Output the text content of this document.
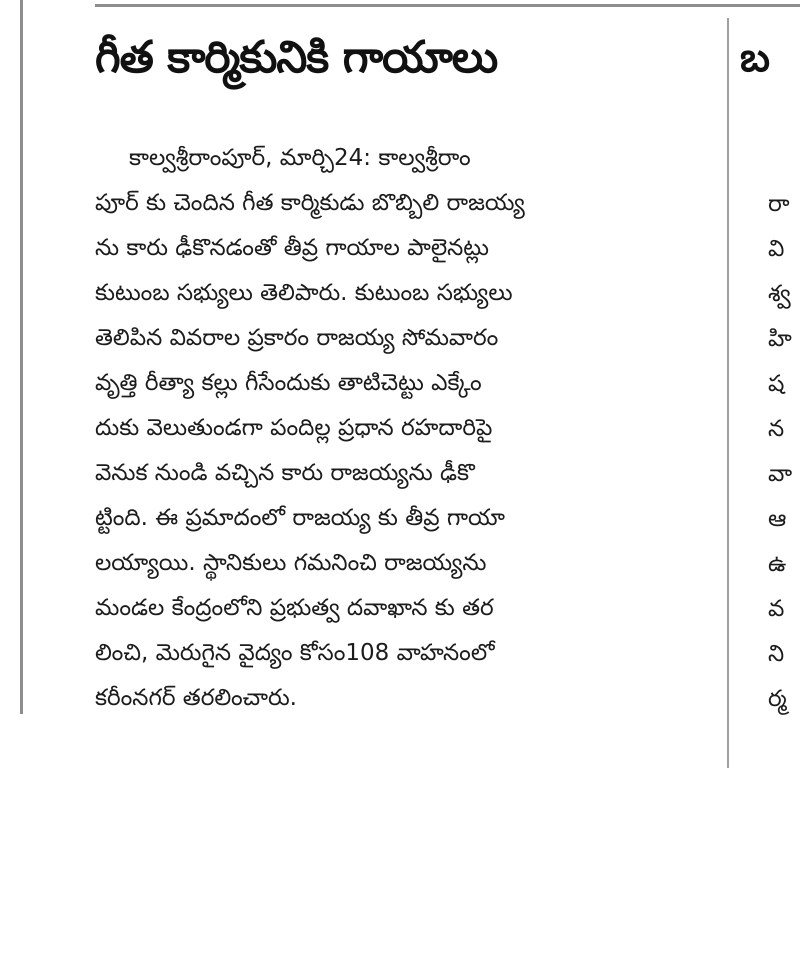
గీత కార్మికునికి గాయాలు
కాల్వశ్రీరాంపూర్, మార్చి24: కాల్వశ్రీరాం
పూర్ కు చెందిన గీత కార్మికుడు బొబ్బిలి రాజయ్య
ను కారు ఢీకొనడంతో తీవ్ర గాయాల పాలైనట్లు
కుటుంబ సభ్యులు తెలిపారు. కుటుంబ సభ్యులు
తెలిపిన వివరాల ప్రకారం రాజయ్య సోమవారం
వృత్తి రీత్యా కల్లు గీసేందుకు తాటిచెట్టు ఎక్కేం
దుకు వెలుతుండగా పందిల్ల ప్రధాన రహదారిపై
వెనుక నుండి వచ్చిన కారు రాజయ్యను ఢీకొ
ట్టింది. ఈ ప్రమాదంలో రాజయ్య కు తీవ్ర గాయా
లయ్యాయి. స్థానికులు గమనించి రాజయ్యను
మండల కేంద్రంలోని ప్రభుత్వ దవాఖాన కు తర
లించి, మెరుగైన వైద్యం కోసం108 వాహనంలో
కరీంనగర్ తరలించారు.
బ
రా
వి
శ్వ
హి
ష
న
వా
ఆ
ఉ
వ
ని
ర్మ
